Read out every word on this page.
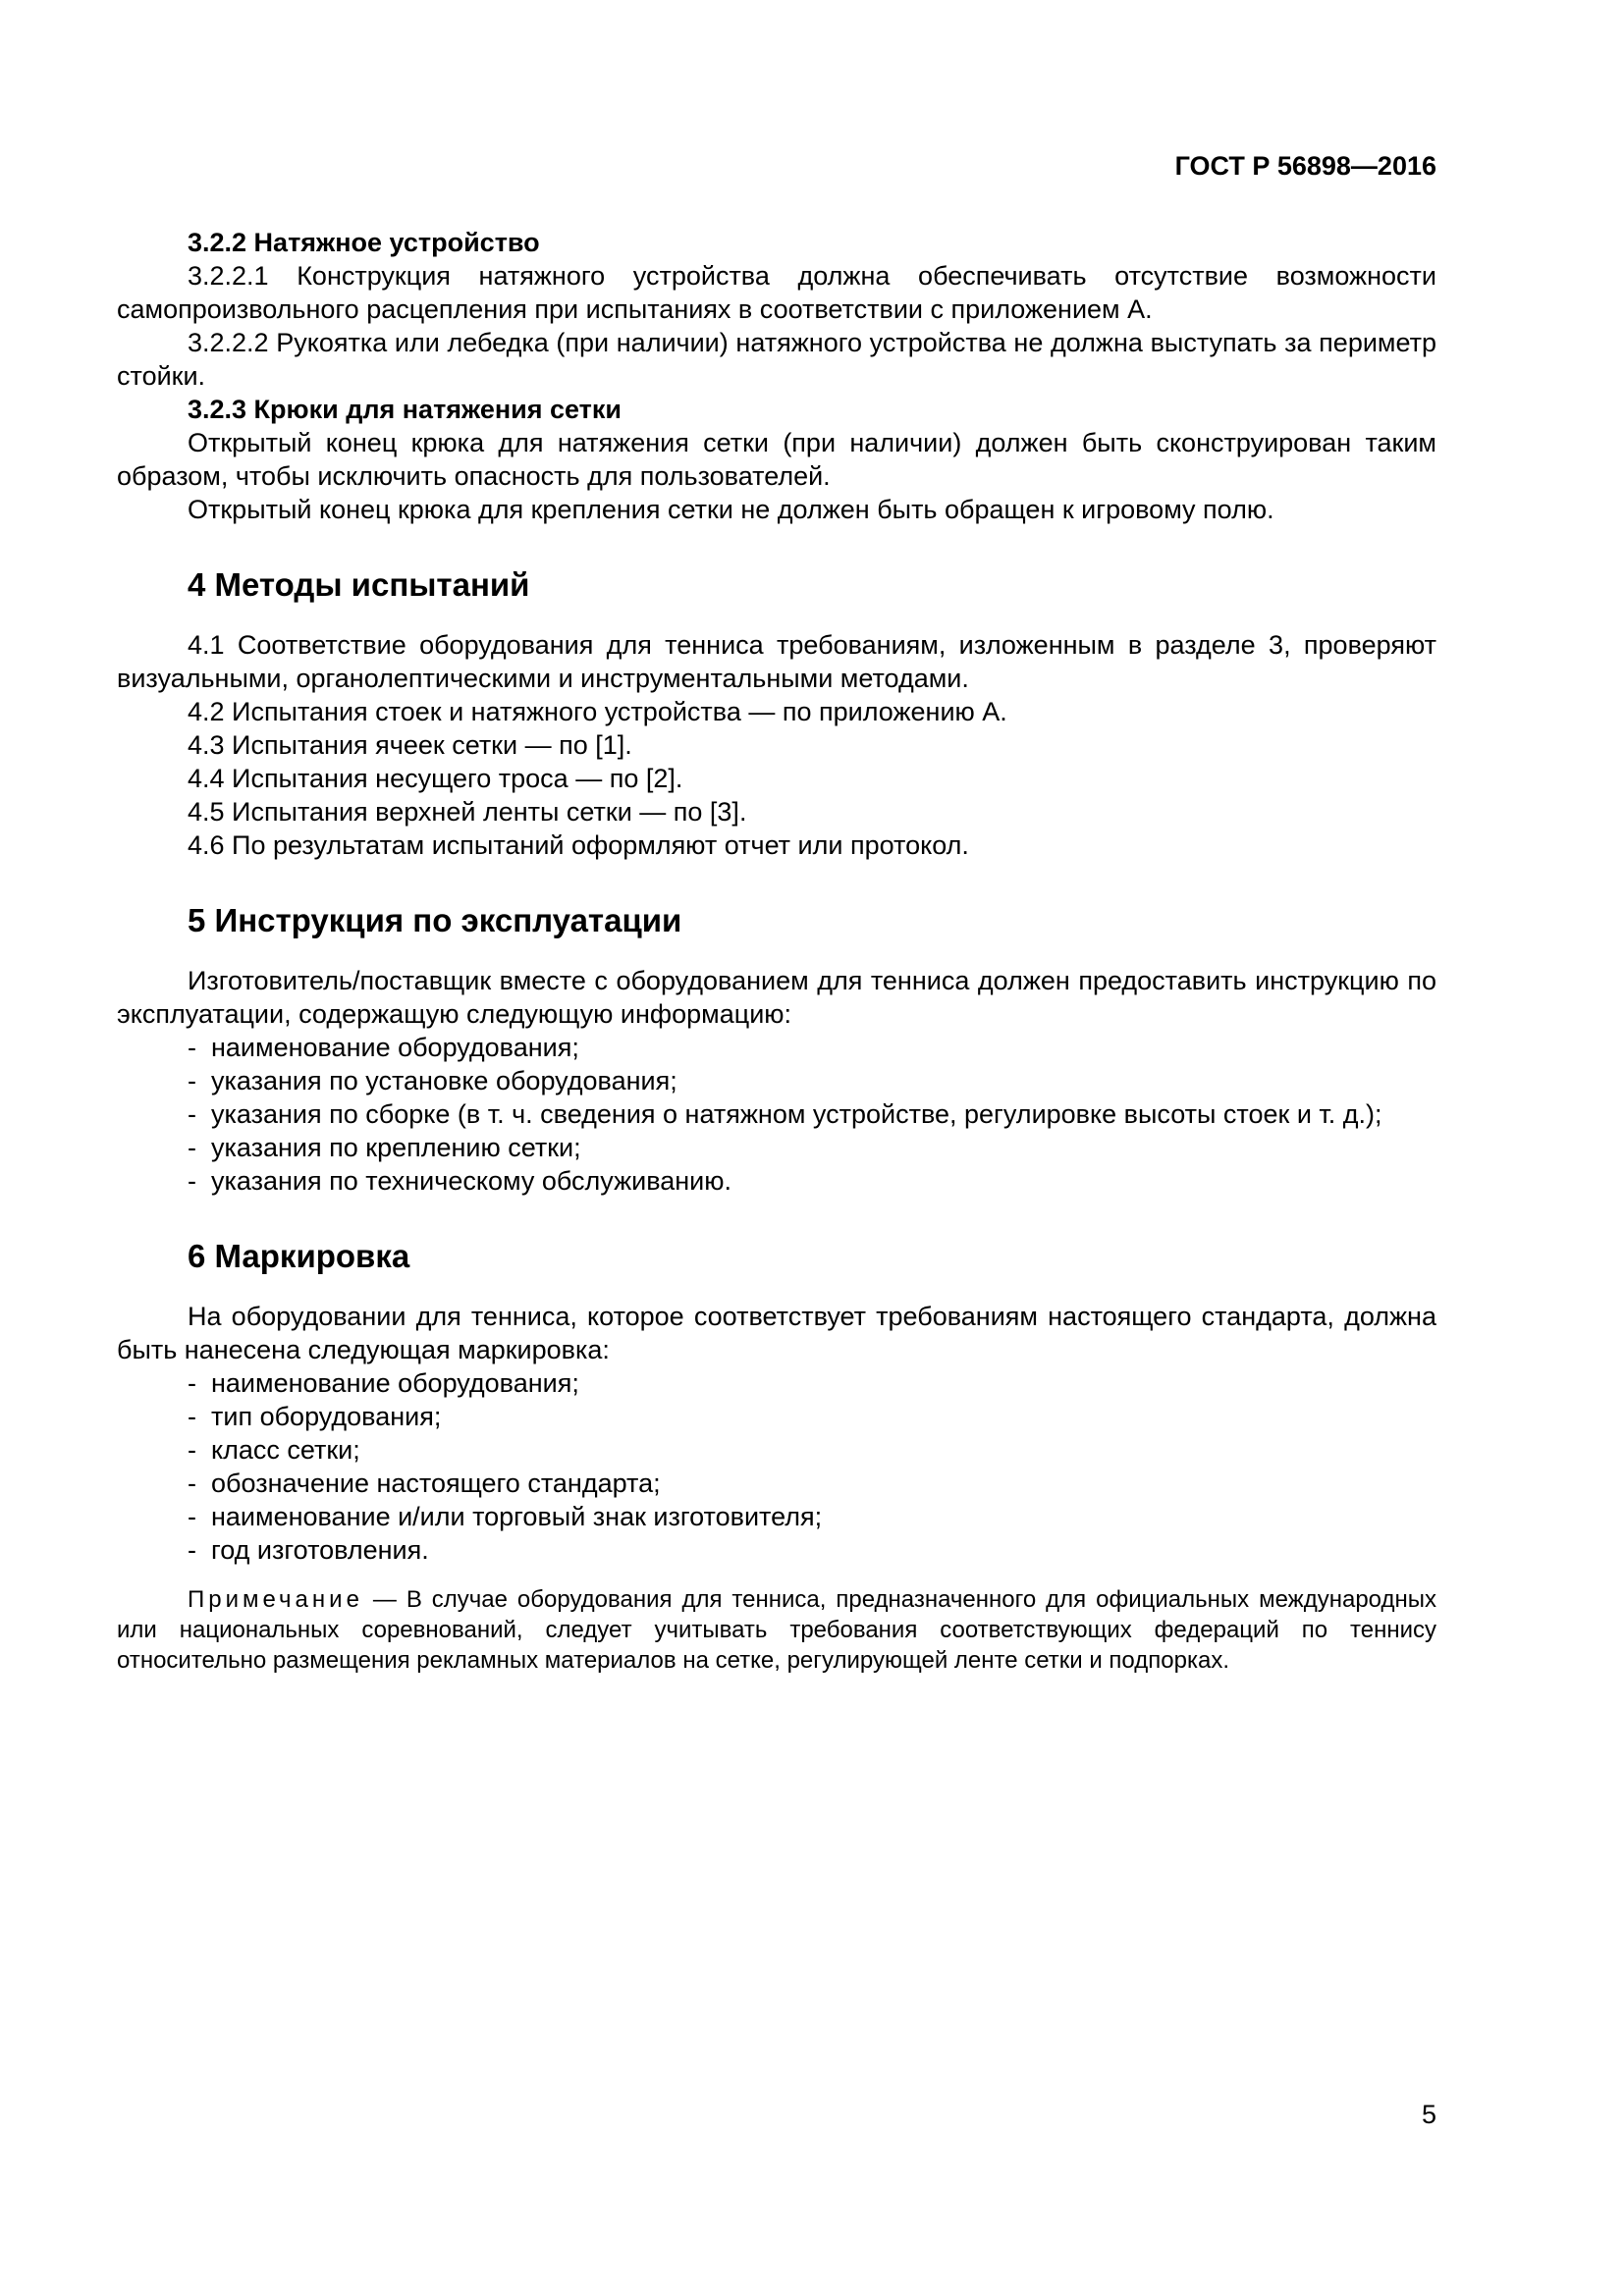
ГОСТ Р 56898—2016

3.2.2 Натяжное устройство

3.2.2.1 Конструкция натяжного устройства должна обеспечивать отсутствие возможности самопроизвольного расцепления при испытаниях в соответствии с приложением А.

3.2.2.2 Рукоятка или лебедка (при наличии) натяжного устройства не должна выступать за периметр стойки.

3.2.3 Крюки для натяжения сетки

Открытый конец крюка для натяжения сетки (при наличии) должен быть сконструирован таким образом, чтобы исключить опасность для пользователей.

Открытый конец крюка для крепления сетки не должен быть обращен к игровому полю.

4 Методы испытаний

4.1 Соответствие оборудования для тенниса требованиям, изложенным в разделе 3, проверяют визуальными, органолептическими и инструментальными методами.

4.2 Испытания стоек и натяжного устройства — по приложению А.

4.3 Испытания ячеек сетки — по [1].

4.4 Испытания несущего троса — по [2].

4.5 Испытания верхней ленты сетки — по [3].

4.6 По результатам испытаний оформляют отчет или протокол.

5 Инструкция по эксплуатации

Изготовитель/поставщик вместе с оборудованием для тенниса должен предоставить инструкцию по эксплуатации, содержащую следующую информацию:

- наименование оборудования;
- указания по установке оборудования;
- указания по сборке (в т. ч. сведения о натяжном устройстве, регулировке высоты стоек и т. д.);
- указания по креплению сетки;
- указания по техническому обслуживанию.
6 Маркировка

На оборудовании для тенниса, которое соответствует требованиям настоящего стандарта, должна быть нанесена следующая маркировка:

- наименование оборудования;
- тип оборудования;
- класс сетки;
- обозначение настоящего стандарта;
- наименование и/или торговый знак изготовителя;
- год изготовления.

Примечание — В случае оборудования для тенниса, предназначенного для официальных международных или национальных соревнований, следует учитывать требования соответствующих федераций по теннису относительно размещения рекламных материалов на сетке, регулирующей ленте сетки и подпорках.

5
